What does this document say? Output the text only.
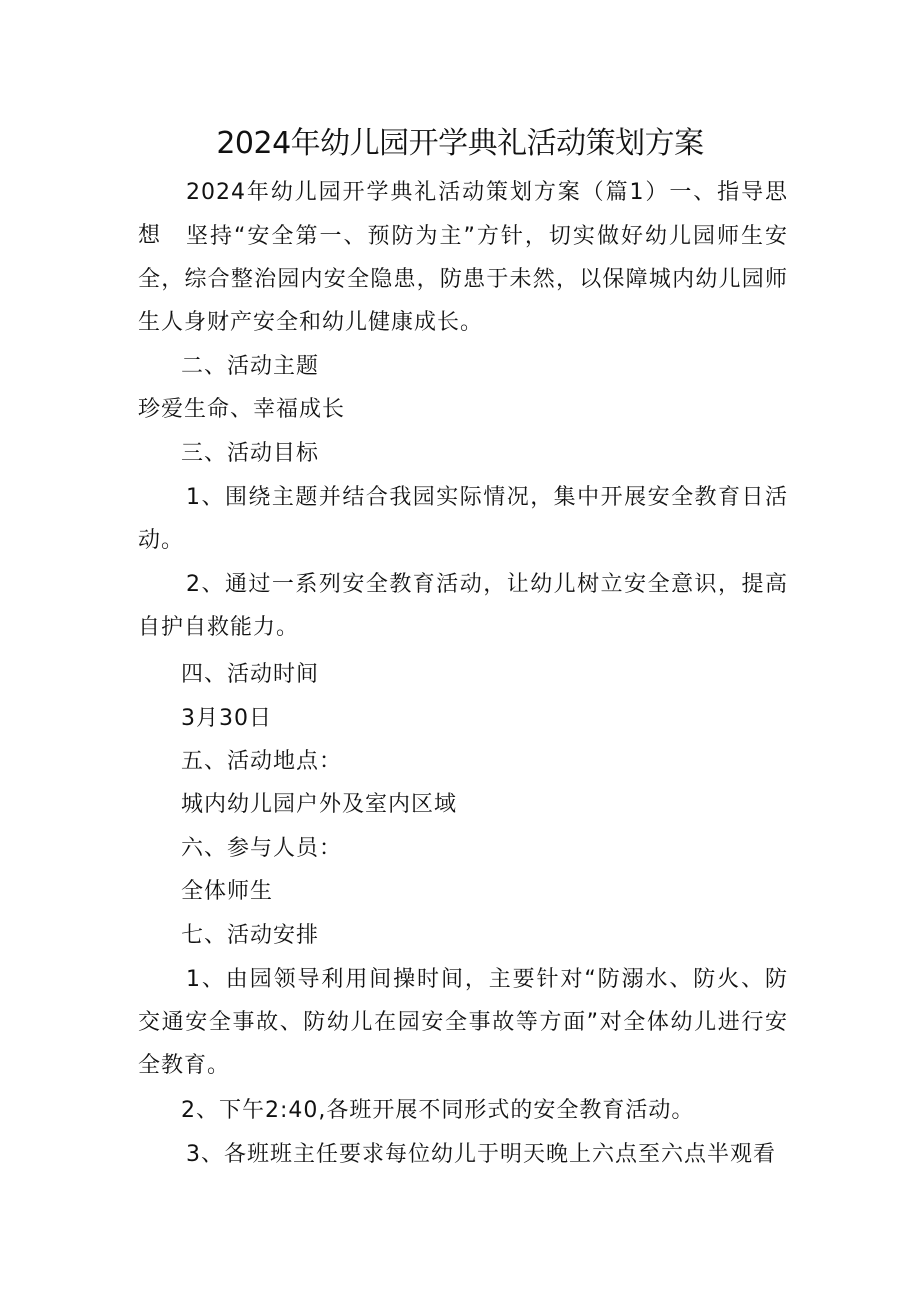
2024年幼儿园开学典礼活动策划方案

2024年幼儿园开学典礼活动策划方案（篇1）一、指导思想	坚持“安全第一、预防为主”方针，切实做好幼儿园师生安全，综合整治园内安全隐患，防患于未然，以保障城内幼儿园师生人身财产安全和幼儿健康成长。

二、活动主题

珍爱生命、幸福成长

三、活动目标

1、围绕主题并结合我园实际情况，集中开展安全教育日活动。

2、通过一系列安全教育活动，让幼儿树立安全意识，提高自护自救能力。

四、活动时间

3月30日

五、活动地点：

城内幼儿园户外及室内区域

六、参与人员：

全体师生

七、活动安排

1、由园领导利用间操时间，主要针对“防溺水、防火、防交通安全事故、防幼儿在园安全事故等方面”对全体幼儿进行安全教育。

2、下午2:40,各班开展不同形式的安全教育活动。

3、各班班主任要求每位幼儿于明天晚上六点至六点半观看
